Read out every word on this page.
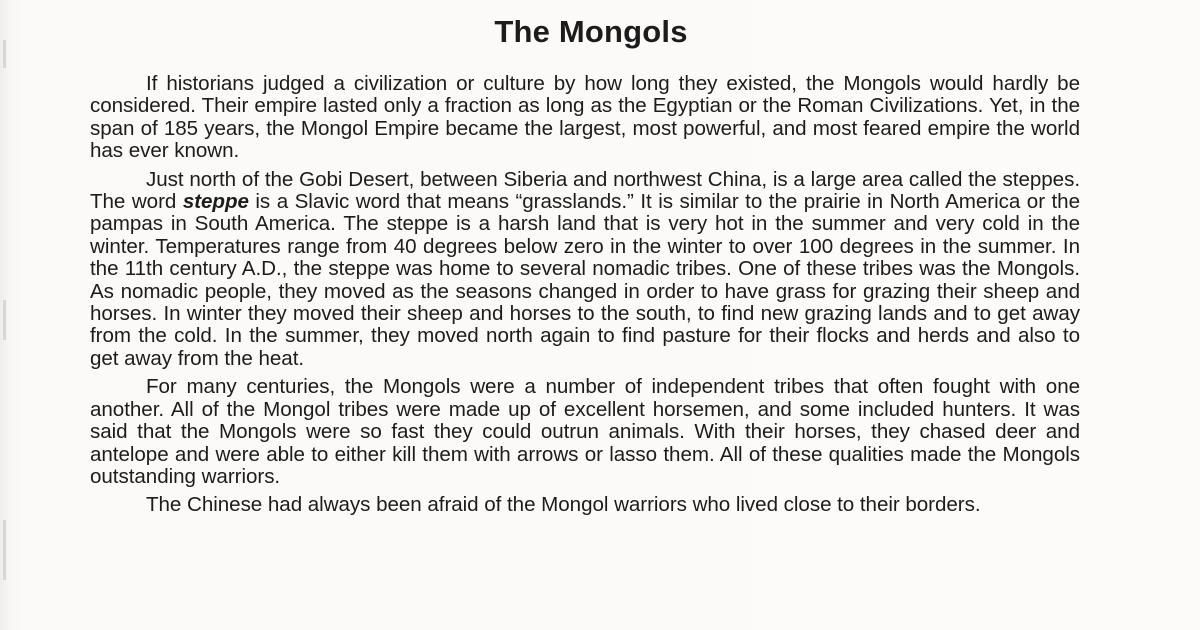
The Mongols

If historians judged a civilization or culture by how long they existed, the Mongols would hardly be considered. Their empire lasted only a fraction as long as the Egyptian or the Roman Civilizations. Yet, in the span of 185 years, the Mongol Empire became the largest, most powerful, and most feared empire the world has ever known.

Just north of the Gobi Desert, between Siberia and northwest China, is a large area called the steppes. The word steppe is a Slavic word that means “grasslands.” It is similar to the prairie in North America or the pampas in South America. The steppe is a harsh land that is very hot in the summer and very cold in the winter. Temperatures range from 40 degrees below zero in the winter to over 100 degrees in the summer. In the 11th century A.D., the steppe was home to several nomadic tribes. One of these tribes was the Mongols. As nomadic people, they moved as the seasons changed in order to have grass for grazing their sheep and horses. In winter they moved their sheep and horses to the south, to find new grazing lands and to get away from the cold. In the summer, they moved north again to find pasture for their flocks and herds and also to get away from the heat.

For many centuries, the Mongols were a number of independent tribes that often fought with one another. All of the Mongol tribes were made up of excellent horsemen, and some included hunters. It was said that the Mongols were so fast they could outrun animals. With their horses, they chased deer and antelope and were able to either kill them with arrows or lasso them. All of these qualities made the Mongols outstanding warriors.

The Chinese had always been afraid of the Mongol warriors who lived close to their borders.
